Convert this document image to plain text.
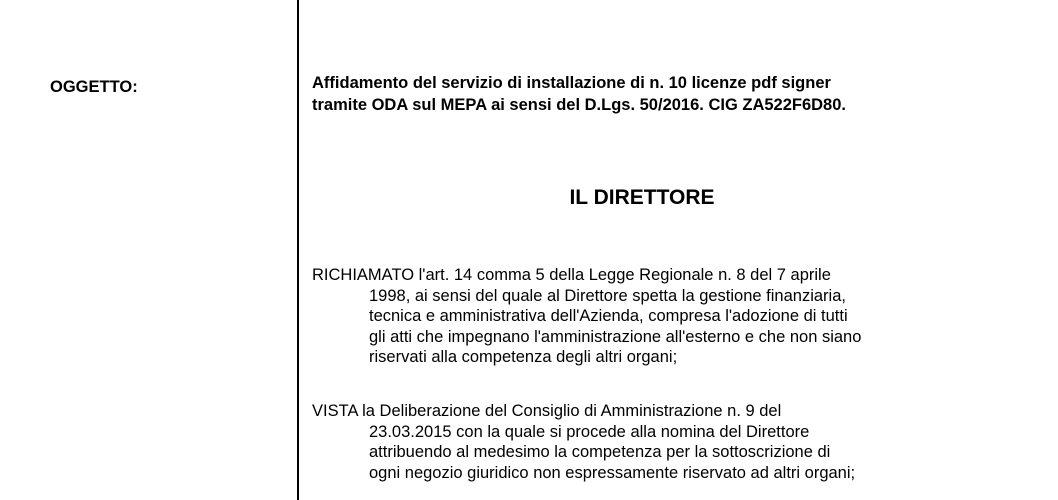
OGGETTO:	Affidamento del servizio di installazione di n. 10 licenze pdf signer
tramite ODA sul MEPA ai sensi del D.Lgs. 50/2016. CIG ZA522F6D80.
IL DIRETTORE
RICHIAMATO l'art. 14 comma 5 della Legge Regionale n. 8 del 7 aprile
1998, ai sensi del quale al Direttore spetta la gestione finanziaria,
tecnica e amministrativa dell'Azienda, compresa l'adozione di tutti
gli atti che impegnano l'amministrazione all'esterno e che non siano
riservati alla competenza degli altri organi;
VISTA la Deliberazione del Consiglio di Amministrazione n. 9 del
23.03.2015 con la quale si procede alla nomina del Direttore
attribuendo al medesimo la competenza per la sottoscrizione di
ogni negozio giuridico non espressamente riservato ad altri organi;
